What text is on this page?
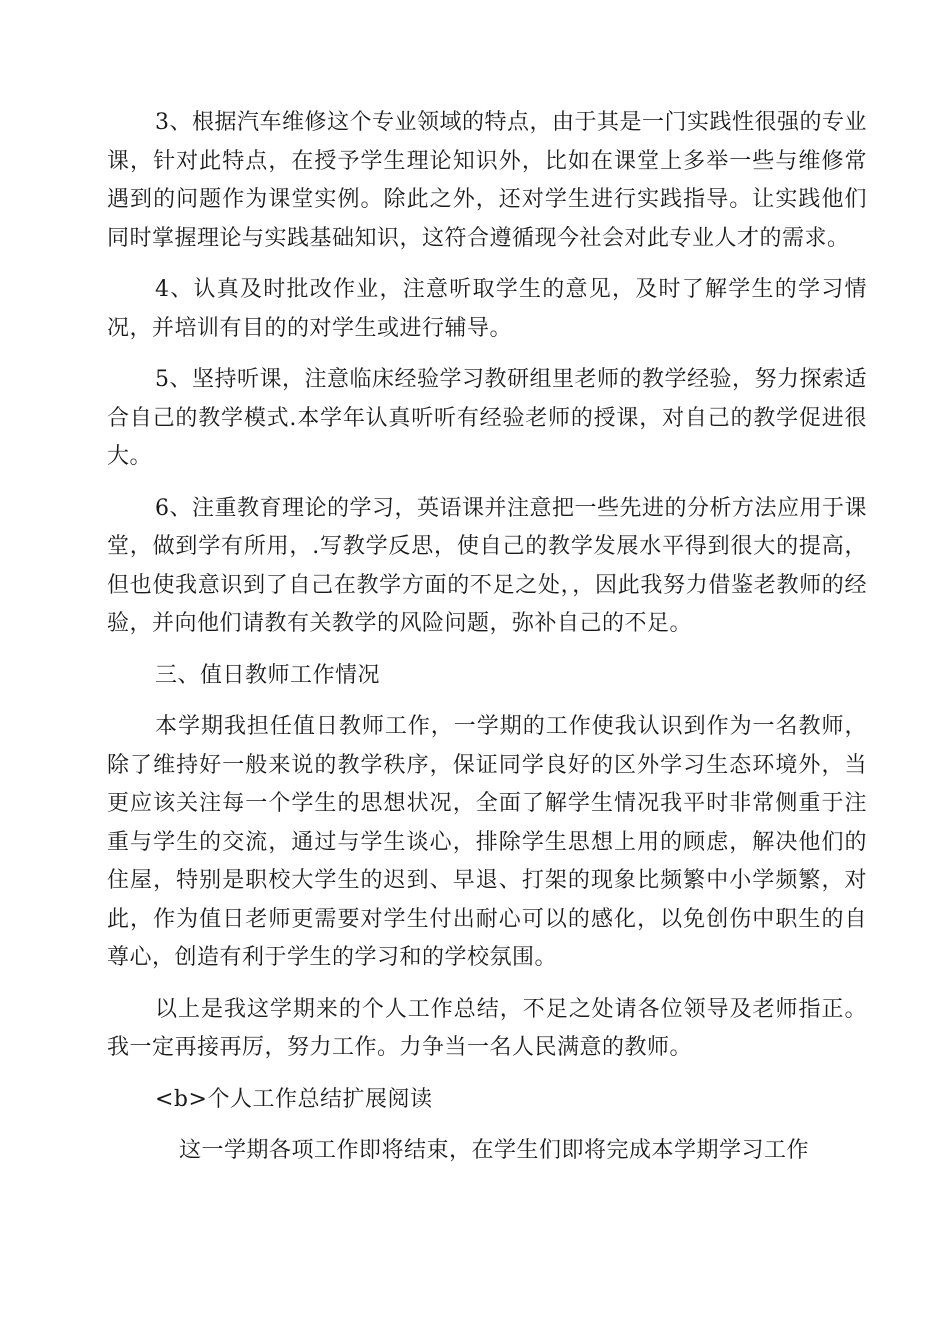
3、根据汽车维修这个专业领域的特点，由于其是一门实践性很强的专业课，针对此特点，在授予学生理论知识外，比如在课堂上多举一些与维修常遇到的问题作为课堂实例。除此之外，还对学生进行实践指导。让实践他们同时掌握理论与实践基础知识，这符合遵循现今社会对此专业人才的需求。

4、认真及时批改作业，注意听取学生的意见，及时了解学生的学习情况，并培训有目的的对学生或进行辅导。

5、坚持听课，注意临床经验学习教研组里老师的教学经验，努力探索适合自己的教学模式.本学年认真听听有经验老师的授课，对自己的教学促进很大。

6、注重教育理论的学习，英语课并注意把一些先进的分析方法应用于课堂，做到学有所用，.写教学反思，使自己的教学发展水平得到很大的提高，但也使我意识到了自己在教学方面的不足之处，，因此我努力借鉴老教师的经验，并向他们请教有关教学的风险问题，弥补自己的不足。

三、值日教师工作情况

本学期我担任值日教师工作，一学期的工作使我认识到作为一名教师，除了维持好一般来说的教学秩序，保证同学良好的区外学习生态环境外，当更应该关注每一个学生的思想状况，全面了解学生情况我平时非常侧重于注重与学生的交流，通过与学生谈心，排除学生思想上用的顾虑，解决他们的住屋，特别是职校大学生的迟到、早退、打架的现象比频繁中小学频繁，对此，作为值日老师更需要对学生付出耐心可以的感化，以免创伤中职生的自尊心，创造有利于学生的学习和的学校氛围。

以上是我这学期来的个人工作总结，不足之处请各位领导及老师指正。我一定再接再厉，努力工作。力争当一名人民满意的教师。

<b>个人工作总结扩展阅读

这一学期各项工作即将结束，在学生们即将完成本学期学习工作
